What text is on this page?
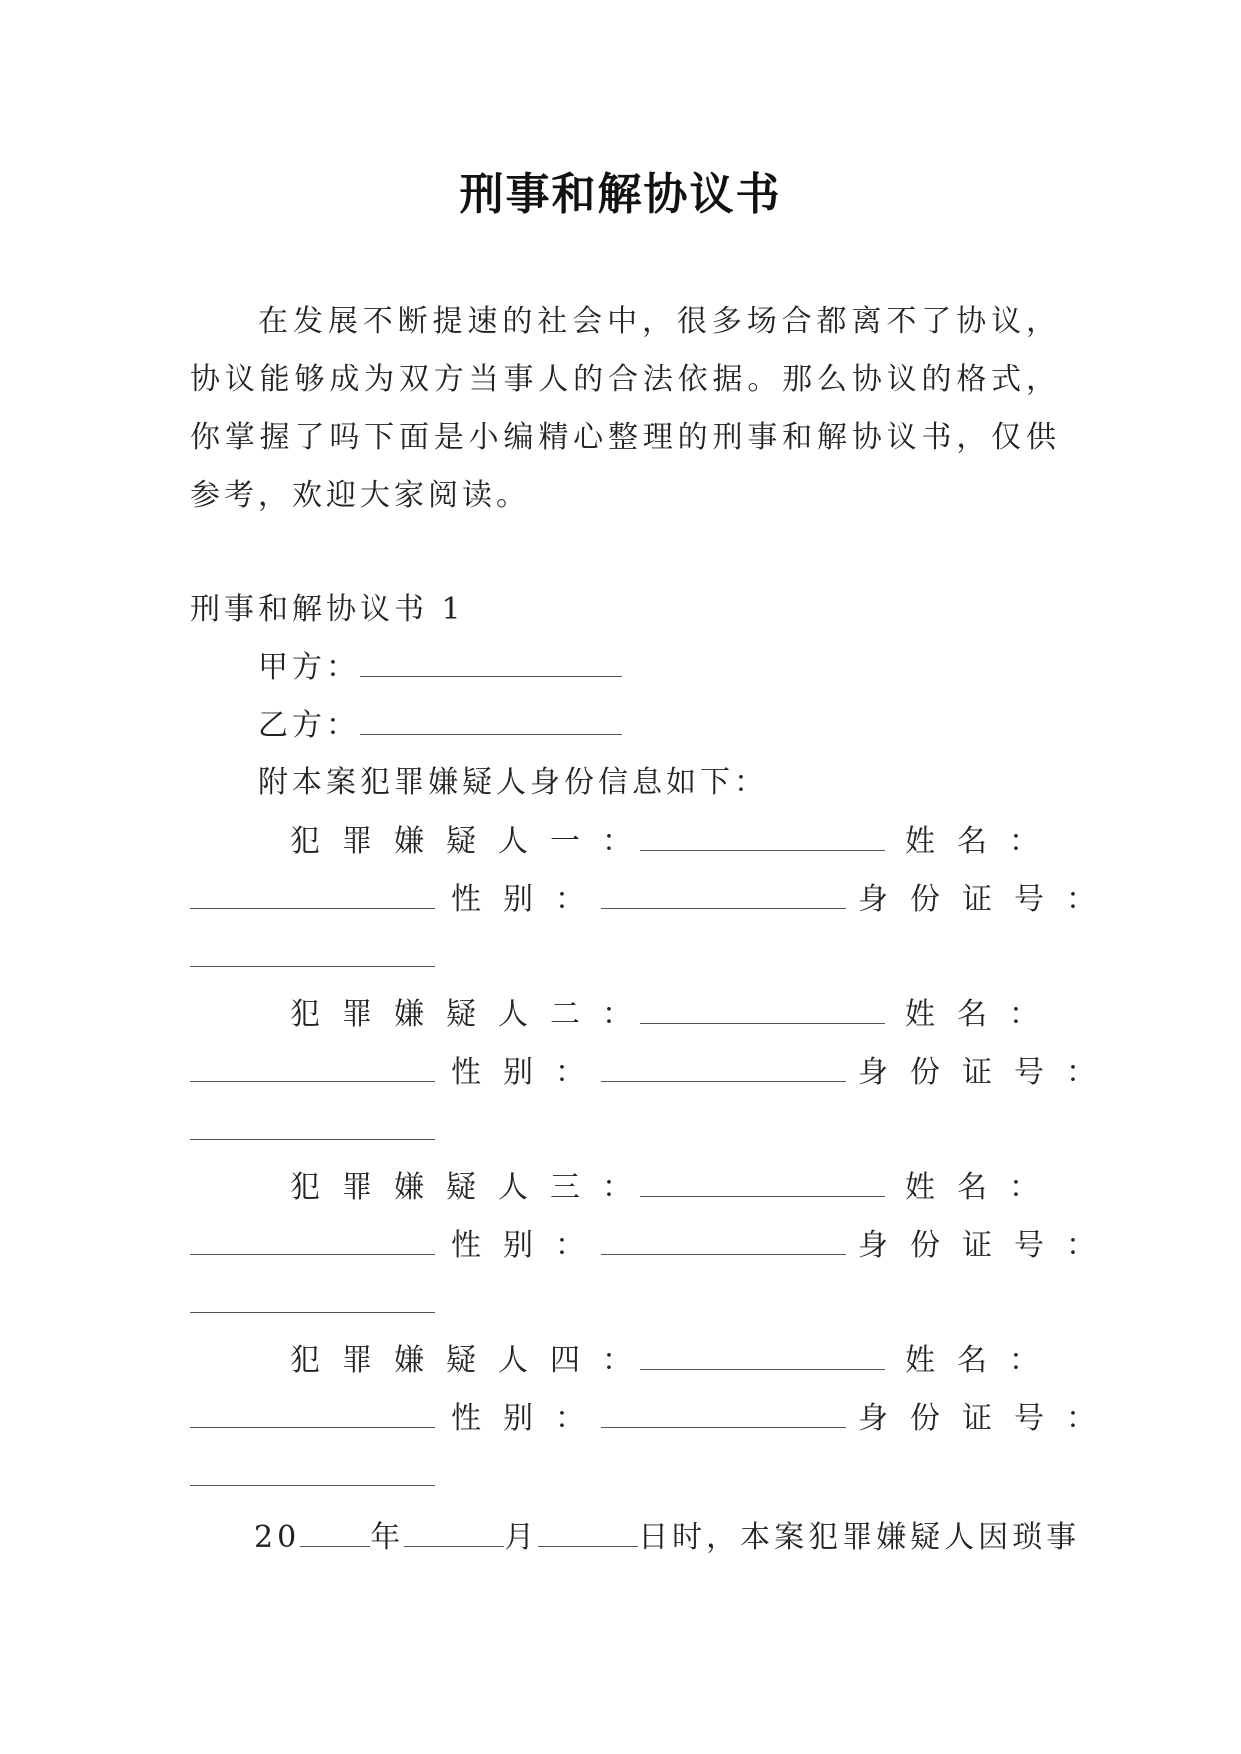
刑事和解协议书

在发展不断提速的社会中，很多场合都离不了协议，协议能够成为双方当事人的合法依据。那么协议的格式，你掌握了吗下面是小编精心整理的刑事和解协议书，仅供参考，欢迎大家阅读。

刑事和解协议书 1
甲方：
乙方：
附本案犯罪嫌疑人身份信息如下：
犯罪嫌疑人一：	姓名：
性别：	身份证号：
犯罪嫌疑人二：	姓名：
性别：	身份证号：
犯罪嫌疑人三：	姓名：
性别：	身份证号：
犯罪嫌疑人四：	姓名：
性别：	身份证号：
20 年	月	日时，本案犯罪嫌疑人因琐事
